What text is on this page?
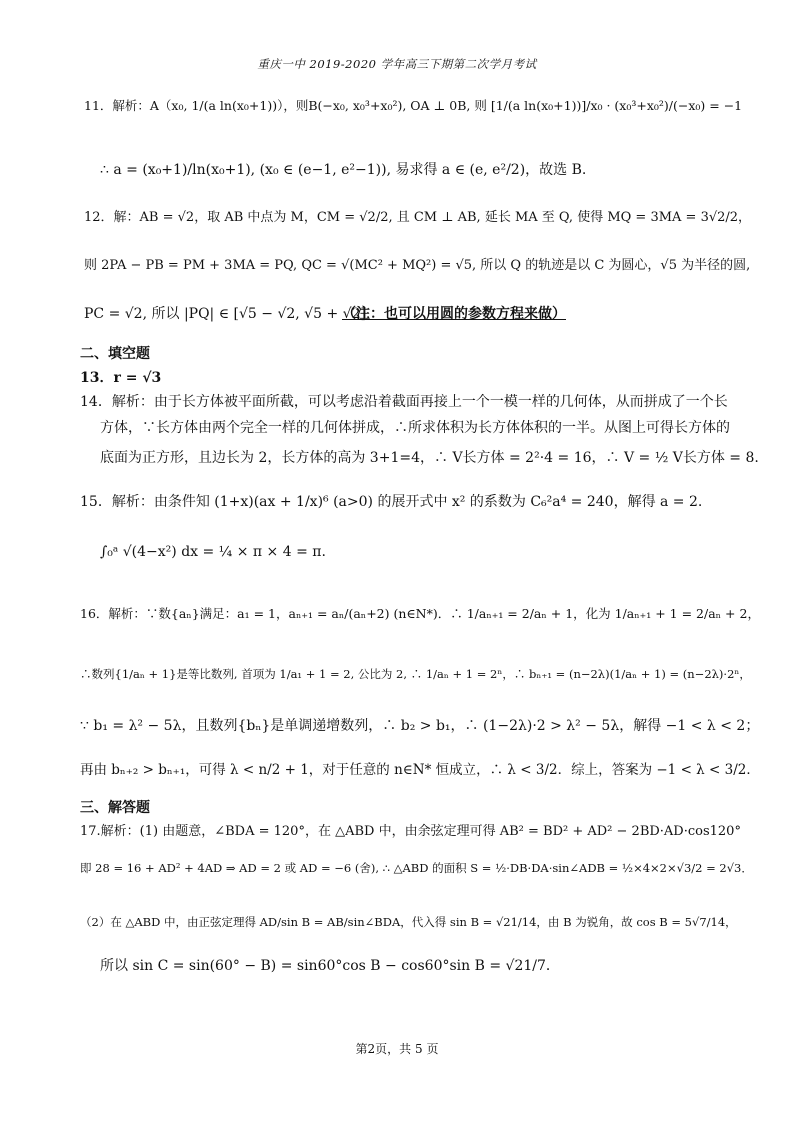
重庆一中 2019-2020 学年高三下期第二次学月考试
11．解析：A（x₀, 1/(a ln(x₀+1))），则B(−x₀, x₀³+x₀²), OA ⊥ 0B, 则 [1/(a ln(x₀+1))]/x₀ · (x₀³+x₀²)/(−x₀) = −1
∴ a = (x₀+1)/ln(x₀+1), (x₀ ∈ (e−1, e²−1)), 易求得 a ∈ (e, e²/2)，故选 B.
12．解：AB = √2，取 AB 中点为 M，CM = √2/2, 且 CM ⊥ AB, 延长 MA 至 Q, 使得 MQ = 3MA = 3√2/2，
则 2PA − PB = PM + 3MA = PQ, QC = √(MC² + MQ²) = √5, 所以 Q 的轨迹是以 C 为圆心，√5 为半径的圆,
PC = √2, 所以 |PQ| ∈ [√5 − √2, √5 + √2].
（注：也可以用圆的参数方程来做）
二、填空题
13．r = √3
14．解析：由于长方体被平面所截，可以考虑沿着截面再接上一个一模一样的几何体，从而拼成了一个长
方体，∵长方体由两个完全一样的几何体拼成，∴所求体积为长方体体积的一半。从图上可得长方体的
底面为正方形，且边长为 2，长方体的高为 3+1=4，∴ V长方体 = 2²·4 = 16，∴ V = ½ V长方体 = 8.
15．解析：由条件知 (1+x)(ax + 1/x)⁶ (a>0) 的展开式中 x² 的系数为 C₆²a⁴ = 240，解得 a = 2.
∫₀ᵃ √(4−x²) dx = ¼ × π × 4 = π.
16．解析：∵数{aₙ}满足：a₁ = 1，aₙ₊₁ = aₙ/(aₙ+2) (n∈N*)．∴ 1/aₙ₊₁ = 2/aₙ + 1，化为 1/aₙ₊₁ + 1 = 2/aₙ + 2，
∴数列{1/aₙ + 1}是等比数列, 首项为 1/a₁ + 1 = 2, 公比为 2, ∴ 1/aₙ + 1 = 2ⁿ，∴ bₙ₊₁ = (n−2λ)(1/aₙ + 1) = (n−2λ)·2ⁿ，
∵ b₁ = λ² − 5λ，且数列{bₙ}是单调递增数列，∴ b₂ > b₁，∴ (1−2λ)·2 > λ² − 5λ，解得 −1 < λ < 2；
再由 bₙ₊₂ > bₙ₊₁，可得 λ < n/2 + 1，对于任意的 n∈N* 恒成立，∴ λ < 3/2．综上，答案为 −1 < λ < 3/2．
三、解答题
17.解析：(1) 由题意，∠BDA = 120°，在 △ABD 中，由余弦定理可得 AB² = BD² + AD² − 2BD·AD·cos120°
即 28 = 16 + AD² + 4AD ⇒ AD = 2 或 AD = −6 (舍), ∴ △ABD 的面积 S = ½·DB·DA·sin∠ADB = ½×4×2×√3/2 = 2√3．
（2）在 △ABD 中，由正弦定理得 AD/sin B = AB/sin∠BDA，代入得 sin B = √21/14，由 B 为锐角，故 cos B = 5√7/14，
所以 sin C = sin(60° − B) = sin60°cos B − cos60°sin B = √21/7．
第2页，共 5 页
